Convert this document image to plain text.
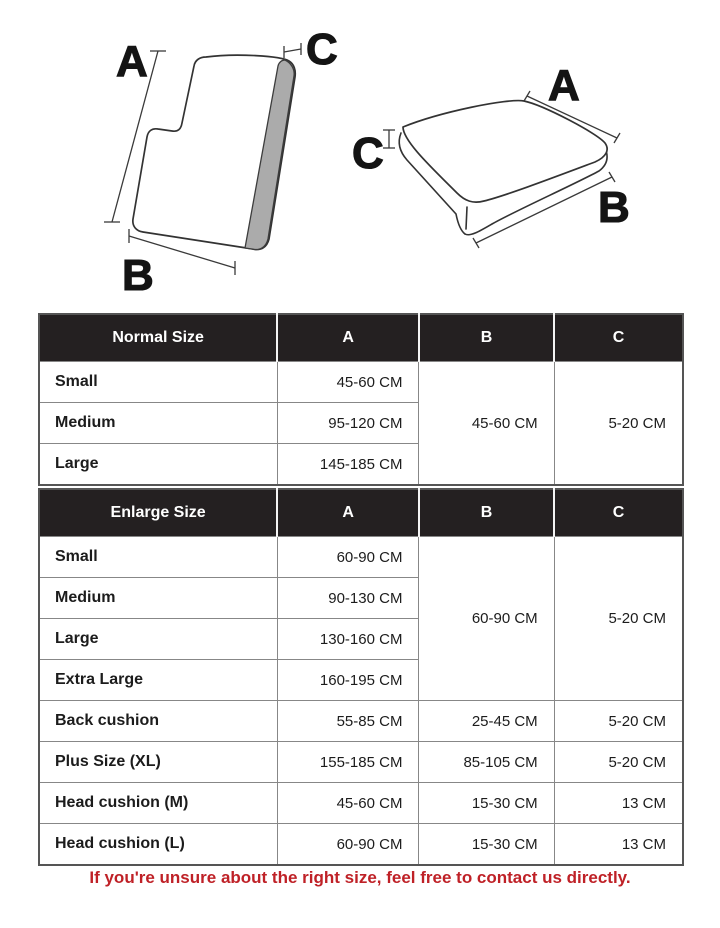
A
B
C
A
B
C
Normal Size	A	B	C
Small	45-60 CM	45-60 CM	5-20 CM
Medium	95-120 CM		
Large	145-185 CM		
Enlarge Size	A	B	C
Small	60-90 CM	60-90 CM	5-20 CM
Medium	90-130 CM		
Large	130-160 CM		
Extra Large	160-195 CM		
Back cushion	55-85 CM	25-45 CM	5-20 CM
Plus Size (XL)	155-185 CM	85-105 CM	5-20 CM
Head cushion (M)	45-60 CM	15-30 CM	13 CM
Head cushion (L)	60-90 CM	15-30 CM	13 CM
If you're unsure about the right size, feel free to contact us directly.
